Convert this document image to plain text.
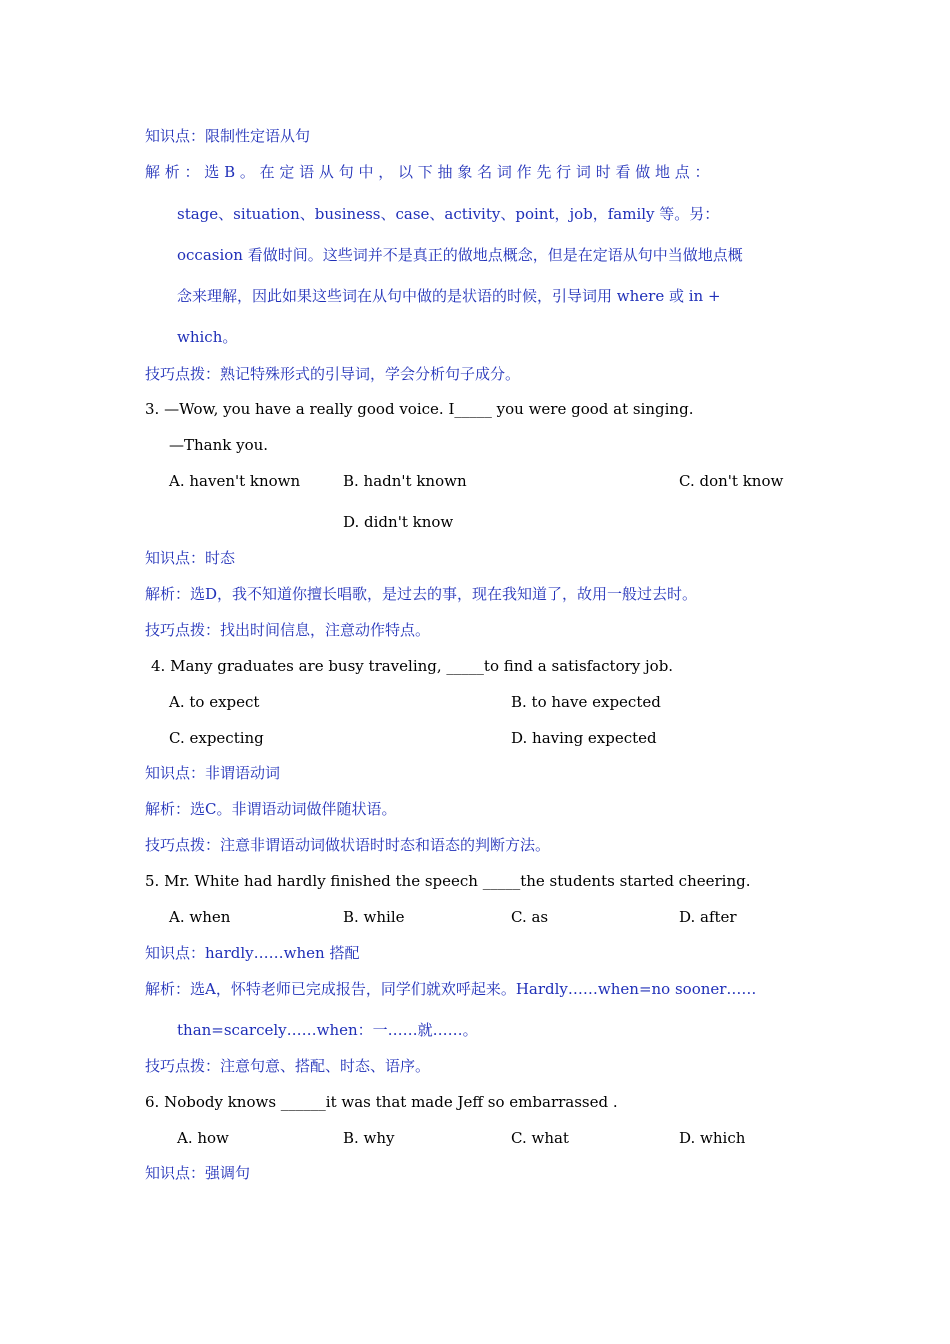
知识点：限制性定语从句
解 析 ： 选 B 。 在 定 语 从 句 中 ， 以 下 抽 象 名 词 作 先 行 词 时 看 做 地 点 ：
stage、situation、business、case、activity、point，job，family 等。另：
occasion 看做时间。这些词并不是真正的做地点概念，但是在定语从句中当做地点概
念来理解，因此如果这些词在从句中做的是状语的时候，引导词用 where 或 in +
which。
技巧点拨：熟记特殊形式的引导词，学会分析句子成分。
3. —Wow, you have a really good voice. I_____ you were good at singing.
—Thank you.
A. haven't known	B. hadn't known	C. don't know
D. didn't know
知识点：时态
解析：选D，我不知道你擅长唱歌，是过去的事，现在我知道了，故用一般过去时。
技巧点拨：找出时间信息，注意动作特点。
4. Many graduates are busy traveling, _____to find a satisfactory job.
A. to expect	B. to have expected
C. expecting	D. having expected
知识点：非谓语动词
解析：选C。非谓语动词做伴随状语。
技巧点拨：注意非谓语动词做状语时时态和语态的判断方法。
5. Mr. White had hardly finished the speech _____the students started cheering.
A. when	B. while	C. as	D. after
知识点：hardly……when 搭配
解析：选A，怀特老师已完成报告，同学们就欢呼起来。Hardly……when=no sooner……
than=scarcely……when：一……就……。
技巧点拨：注意句意、搭配、时态、语序。
6. Nobody knows ______it was that made Jeff so embarrassed .
A. how	B. why	C. what	D. which
知识点：强调句
